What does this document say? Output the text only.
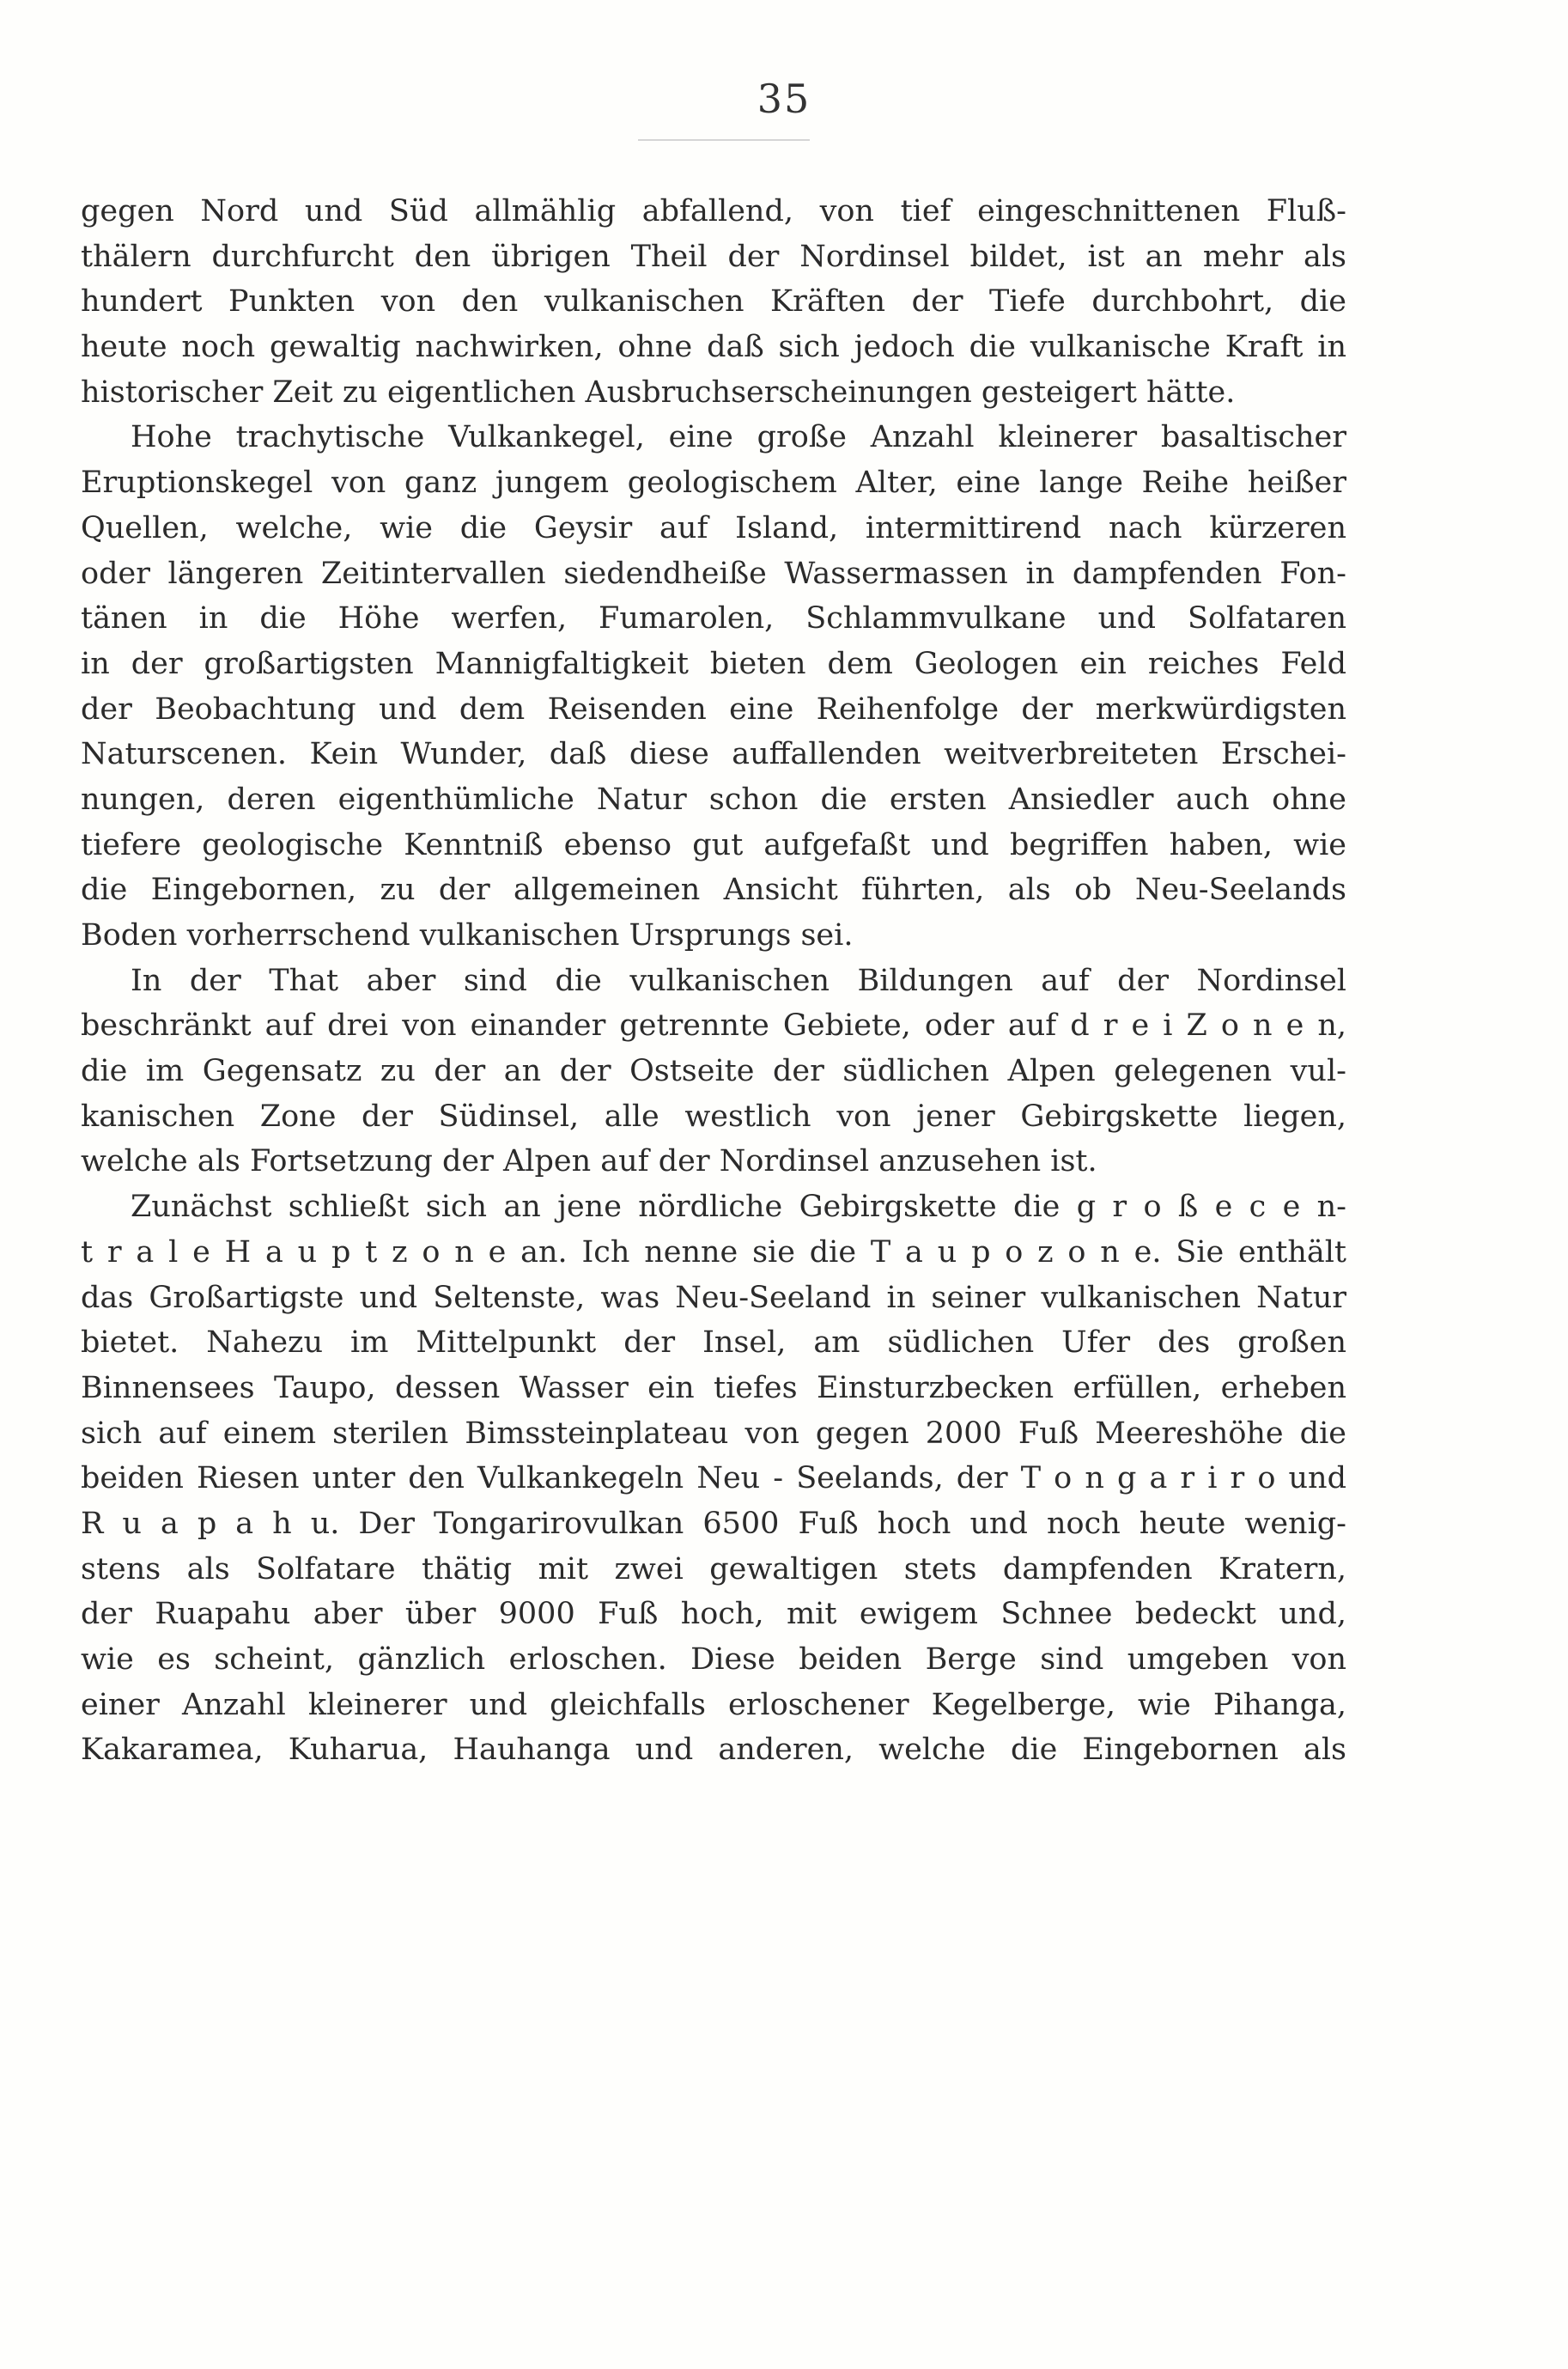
35
gegen Nord und Süd allmählig abfallend, von tief eingeschnittenen Fluß-
thälern durchfurcht den übrigen Theil der Nordinsel bildet, ist an mehr als
hundert Punkten von den vulkanischen Kräften der Tiefe durchbohrt, die
heute noch gewaltig nachwirken, ohne daß sich jedoch die vulkanische Kraft in
historischer Zeit zu eigentlichen Ausbruchserscheinungen gesteigert hätte.
Hohe trachytische Vulkankegel, eine große Anzahl kleinerer basaltischer
Eruptionskegel von ganz jungem geologischem Alter, eine lange Reihe heißer
Quellen, welche, wie die Geysir auf Island, intermittirend nach kürzeren
oder längeren Zeitintervallen siedendheiße Wassermassen in dampfenden Fon-
tänen in die Höhe werfen, Fumarolen, Schlammvulkane und Solfataren
in der großartigsten Mannigfaltigkeit bieten dem Geologen ein reiches Feld
der Beobachtung und dem Reisenden eine Reihenfolge der merkwürdigsten
Naturscenen. Kein Wunder, daß diese auffallenden weitverbreiteten Erschei-
nungen, deren eigenthümliche Natur schon die ersten Ansiedler auch ohne
tiefere geologische Kenntniß ebenso gut aufgefaßt und begriffen haben, wie
die Eingebornen, zu der allgemeinen Ansicht führten, als ob Neu-Seelands
Boden vorherrschend vulkanischen Ursprungs sei.
In der That aber sind die vulkanischen Bildungen auf der Nordinsel
beschränkt auf drei von einander getrennte Gebiete, oder auf d r e i Z o n e n,
die im Gegensatz zu der an der Ostseite der südlichen Alpen gelegenen vul-
kanischen Zone der Südinsel, alle westlich von jener Gebirgskette liegen,
welche als Fortsetzung der Alpen auf der Nordinsel anzusehen ist.
Zunächst schließt sich an jene nördliche Gebirgskette die g r o ß e c e n-
t r a l e H a u p t z o n e an. Ich nenne sie die T a u p o z o n e. Sie enthält
das Großartigste und Seltenste, was Neu-Seeland in seiner vulkanischen Natur
bietet. Nahezu im Mittelpunkt der Insel, am südlichen Ufer des großen
Binnensees Taupo, dessen Wasser ein tiefes Einsturzbecken erfüllen, erheben
sich auf einem sterilen Bimssteinplateau von gegen 2000 Fuß Meereshöhe die
beiden Riesen unter den Vulkankegeln Neu - Seelands, der T o n g a r i r o und
R u a p a h u. Der Tongarirovulkan 6500 Fuß hoch und noch heute wenig-
stens als Solfatare thätig mit zwei gewaltigen stets dampfenden Kratern,
der Ruapahu aber über 9000 Fuß hoch, mit ewigem Schnee bedeckt und,
wie es scheint, gänzlich erloschen. Diese beiden Berge sind umgeben von
einer Anzahl kleinerer und gleichfalls erloschener Kegelberge, wie Pihanga,
Kakaramea, Kuharua, Hauhanga und anderen, welche die Eingebornen als
